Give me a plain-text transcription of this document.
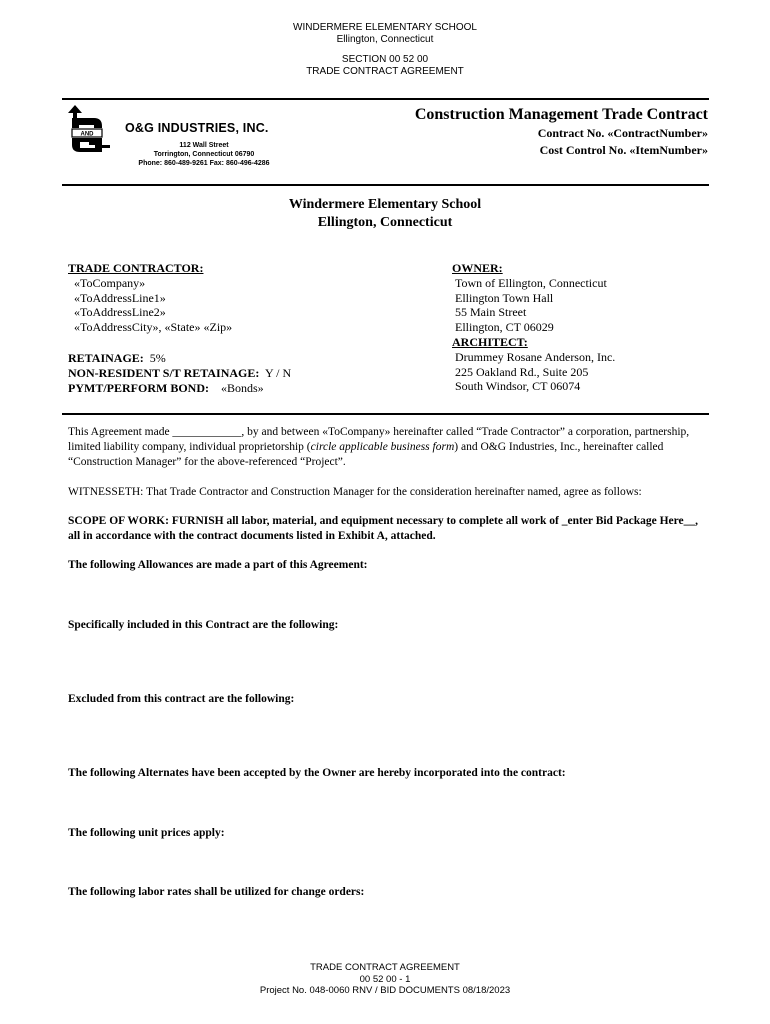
WINDERMERE ELEMENTARY SCHOOL
Ellington, Connecticut
SECTION 00 52 00
TRADE CONTRACT AGREEMENT
AND	O&G INDUSTRIES, INC.
112 Wall Street
Torrington, Connecticut 06790
Phone: 860-489-9261 Fax: 860-496-4286
Construction Management Trade Contract
Contract No. «ContractNumber»
Cost Control No. «ItemNumber»
Windermere Elementary School
Ellington, Connecticut
TRADE CONTRACTOR:
«ToCompany»
«ToAddressLine1»
«ToAddressLine2»
«ToAddressCity», «State» «Zip»
RETAINAGE: 5%
NON-RESIDENT S/T RETAINAGE: Y / N
PYMT/PERFORM BOND: «Bonds»
OWNER:
Town of Ellington, Connecticut
Ellington Town Hall
55 Main Street
Ellington, CT 06029
ARCHITECT:
Drummey Rosane Anderson, Inc.
225 Oakland Rd., Suite 205
South Windsor, CT 06074
This Agreement made ____________, by and between «ToCompany» hereinafter called “Trade Contractor” a corporation, partnership, limited liability company, individual proprietorship (circle applicable business form) and O&G Industries, Inc., hereinafter called “Construction Manager” for the above-referenced “Project”.
WITNESSETH: That Trade Contractor and Construction Manager for the consideration hereinafter named, agree as follows:
SCOPE OF WORK: FURNISH all labor, material, and equipment necessary to complete all work of _enter Bid Package Here__, all in accordance with the contract documents listed in Exhibit A, attached.
The following Allowances are made a part of this Agreement:
Specifically included in this Contract are the following:
Excluded from this contract are the following:
The following Alternates have been accepted by the Owner are hereby incorporated into the contract:
The following unit prices apply:
The following labor rates shall be utilized for change orders:
TRADE CONTRACT AGREEMENT
00 52 00 - 1
Project No. 048-0060 RNV / BID DOCUMENTS 08/18/2023
